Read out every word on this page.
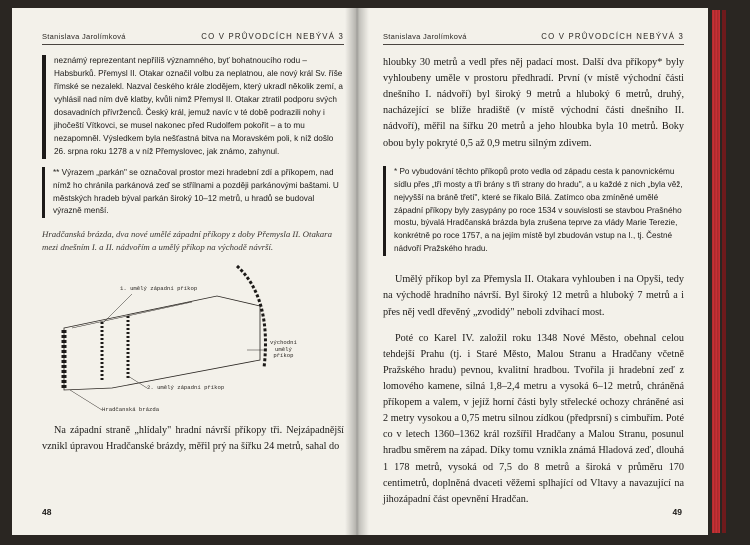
Stanislava Jarolímková	CO V PRŮVODCÍCH NEBÝVÁ 3
neznámý reprezentant nepřílíš významného, byť bohatnoucího rodu – Habsburků. Přemysl II. Otakar označil volbu za neplatnou, ale nový král Sv. říše římské se nezalekl. Nazval českého krále zlodějem, který ukradl několik zemí, a vyhlásil nad ním dvě klatby, kvůli nimž Přemysl II. Otakar ztratil podporu svých dosavadních přívrženců. Český král, jemuž navíc v té době podrazili nohy i jihočeští Vítkovci, se musel nakonec před Rudolfem pokořit – a to mu nezapomněl. Výsledkem byla nešťastná bitva na Moravském poli, k níž došlo 26. srpna roku 1278 a v níž Přemyslovec, jak známo, zahynul.
** Výrazem „parkán" se označoval prostor mezi hradební zdí a příkopem, nad nímž ho chránila parkánová zeď se střílnami a později parkánovými baštami. U městských hradeb býval parkán široký 10–12 metrů, u hradů se budoval výrazně menší.
Hradčanská brázda, dva nové umělé západní příkopy z doby Přemysla II. Otakara mezi dnešním I. a II. nádvořím a umělý příkop na východě návrší.
1. umělý západní příkop
východní
umělý
příkop
2. umělý západní příkop
Hradčanská brázda

Na západní straně „hlídaly" hradní návrší příkopy tři. Nejzápadnější vznikl úpravou Hradčanské brázdy, měřil prý na šířku 24 metrů, sahal do

48
Stanislava Jarolímková	CO V PRŮVODCÍCH NEBÝVÁ 3

hloubky 30 metrů a vedl přes něj padací most. Další dva příkopy* byly vyhloubeny uměle v prostoru předhradí. První (v místě východní části dnešního I. nádvoří) byl široký 9 metrů a hluboký 6 metrů, druhý, nacházející se blíže hradiště (v místě východní části dnešního II. nádvoří), měřil na šířku 20 metrů a jeho hloubka byla 10 metrů. Boky obou byly pokryté 0,5 až 0,9 metru silným zdivem.

* Po vybudování těchto příkopů proto vedla od západu cesta k panovnickému sídlu přes „tři mosty a tři brány s tři strany do hradu", a u každé z nich „byla věž, nejvyšší na bráně třetí", které se říkalo Bílá. Zatímco oba zmíněné umělé západní příkopy byly zasypány po roce 1534 v souvislosti se stavbou Prašného mostu, bývalá Hradčanská brázda byla zrušena teprve za vlády Marie Terezie, konkrétně po roce 1757, a na jejím místě byl zbudován vstup na I., tj. Čestné nádvoří Pražského hradu.

Umělý příkop byl za Přemysla II. Otakara vyhlouben i na Opyši, tedy na východě hradního návrší. Byl široký 12 metrů a hluboký 7 metrů a i přes něj vedl dřevěný „zvodidý" neboli zdvihací most.

Poté co Karel IV. založil roku 1348 Nové Město, obehnal celou tehdejší Prahu (tj. i Staré Město, Malou Stranu a Hradčany včetně Pražského hradu) pevnou, kvalitní hradbou. Tvořila ji hradební zeď z lomového kamene, silná 1,8–2,4 metru a vysoká 6–12 metrů, chráněná příkopem a valem, v jejíž horní části byly střelecké ochozy chráněné asi 2 metry vysokou a 0,75 metru silnou zídkou (předprsní) s cimbuřím. Poté co v letech 1360–1362 král rozšířil Hradčany a Malou Stranu, posunul hradbu směrem na západ. Díky tomu vznikla známá Hladová zeď, dlouhá 1 178 metrů, vysoká od 7,5 do 8 metrů a široká v průměru 170 centimetrů, doplněná dvaceti věžemi splhající od Vltavy a navazující na jihozápadní část opevnění Hradčan.

49
